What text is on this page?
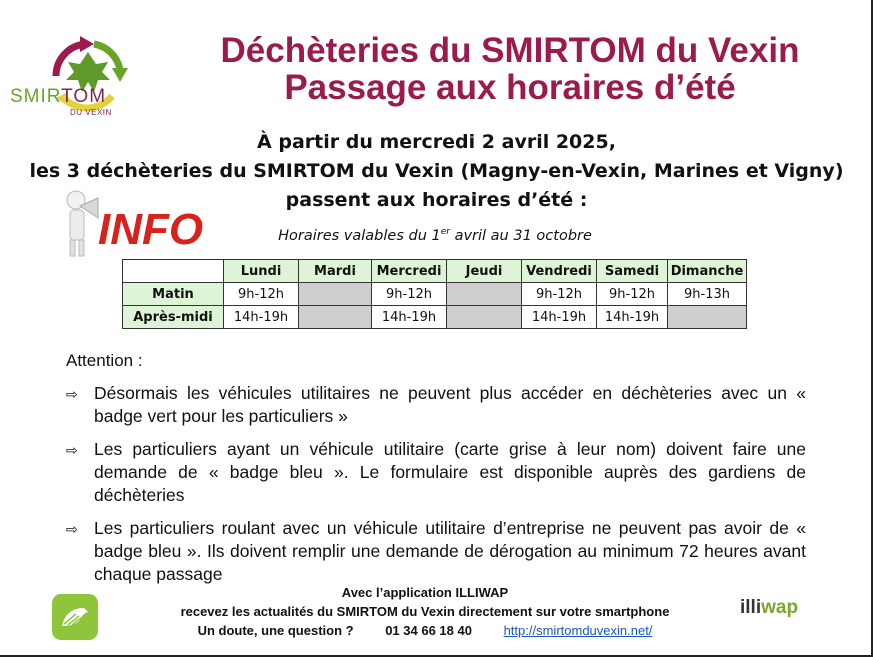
SMIRTOM
DU VEXIN
Déchèteries du SMIRTOM du Vexin
Passage aux horaires d’été
À partir du mercredi 2 avril 2025,
les 3 déchèteries du SMIRTOM du Vexin (Magny-en-Vexin, Marines et Vigny)
passent aux horaires d’été :
INFO	Horaires valables du 1er avril au 31 octobre
	Lundi	Mardi	Mercredi	Jeudi	Vendredi	Samedi	Dimanche
Matin	9h-12h		9h-12h		9h-12h	9h-12h	9h-13h
Après-midi	14h-19h		14h-19h		14h-19h	14h-19h	
Attention :
⇨ Désormais les véhicules utilitaires ne peuvent plus accéder en déchèteries avec un « badge vert pour les particuliers »
⇨ Les particuliers ayant un véhicule utilitaire (carte grise à leur nom) doivent faire une demande de « badge bleu ». Le formulaire est disponible auprès des gardiens de déchèteries
⇨ Les particuliers roulant avec un véhicule utilitaire d’entreprise ne peuvent pas avoir de « badge bleu ». Ils doivent remplir une demande de dérogation au minimum 72 heures avant chaque passage
Avec l’application ILLIWAP
recevez les actualités du SMIRTOM du Vexin directement sur votre smartphone
Un doute, une question ? 01 34 66 18 40 http://smirtomduvexin.net/
illiwap
